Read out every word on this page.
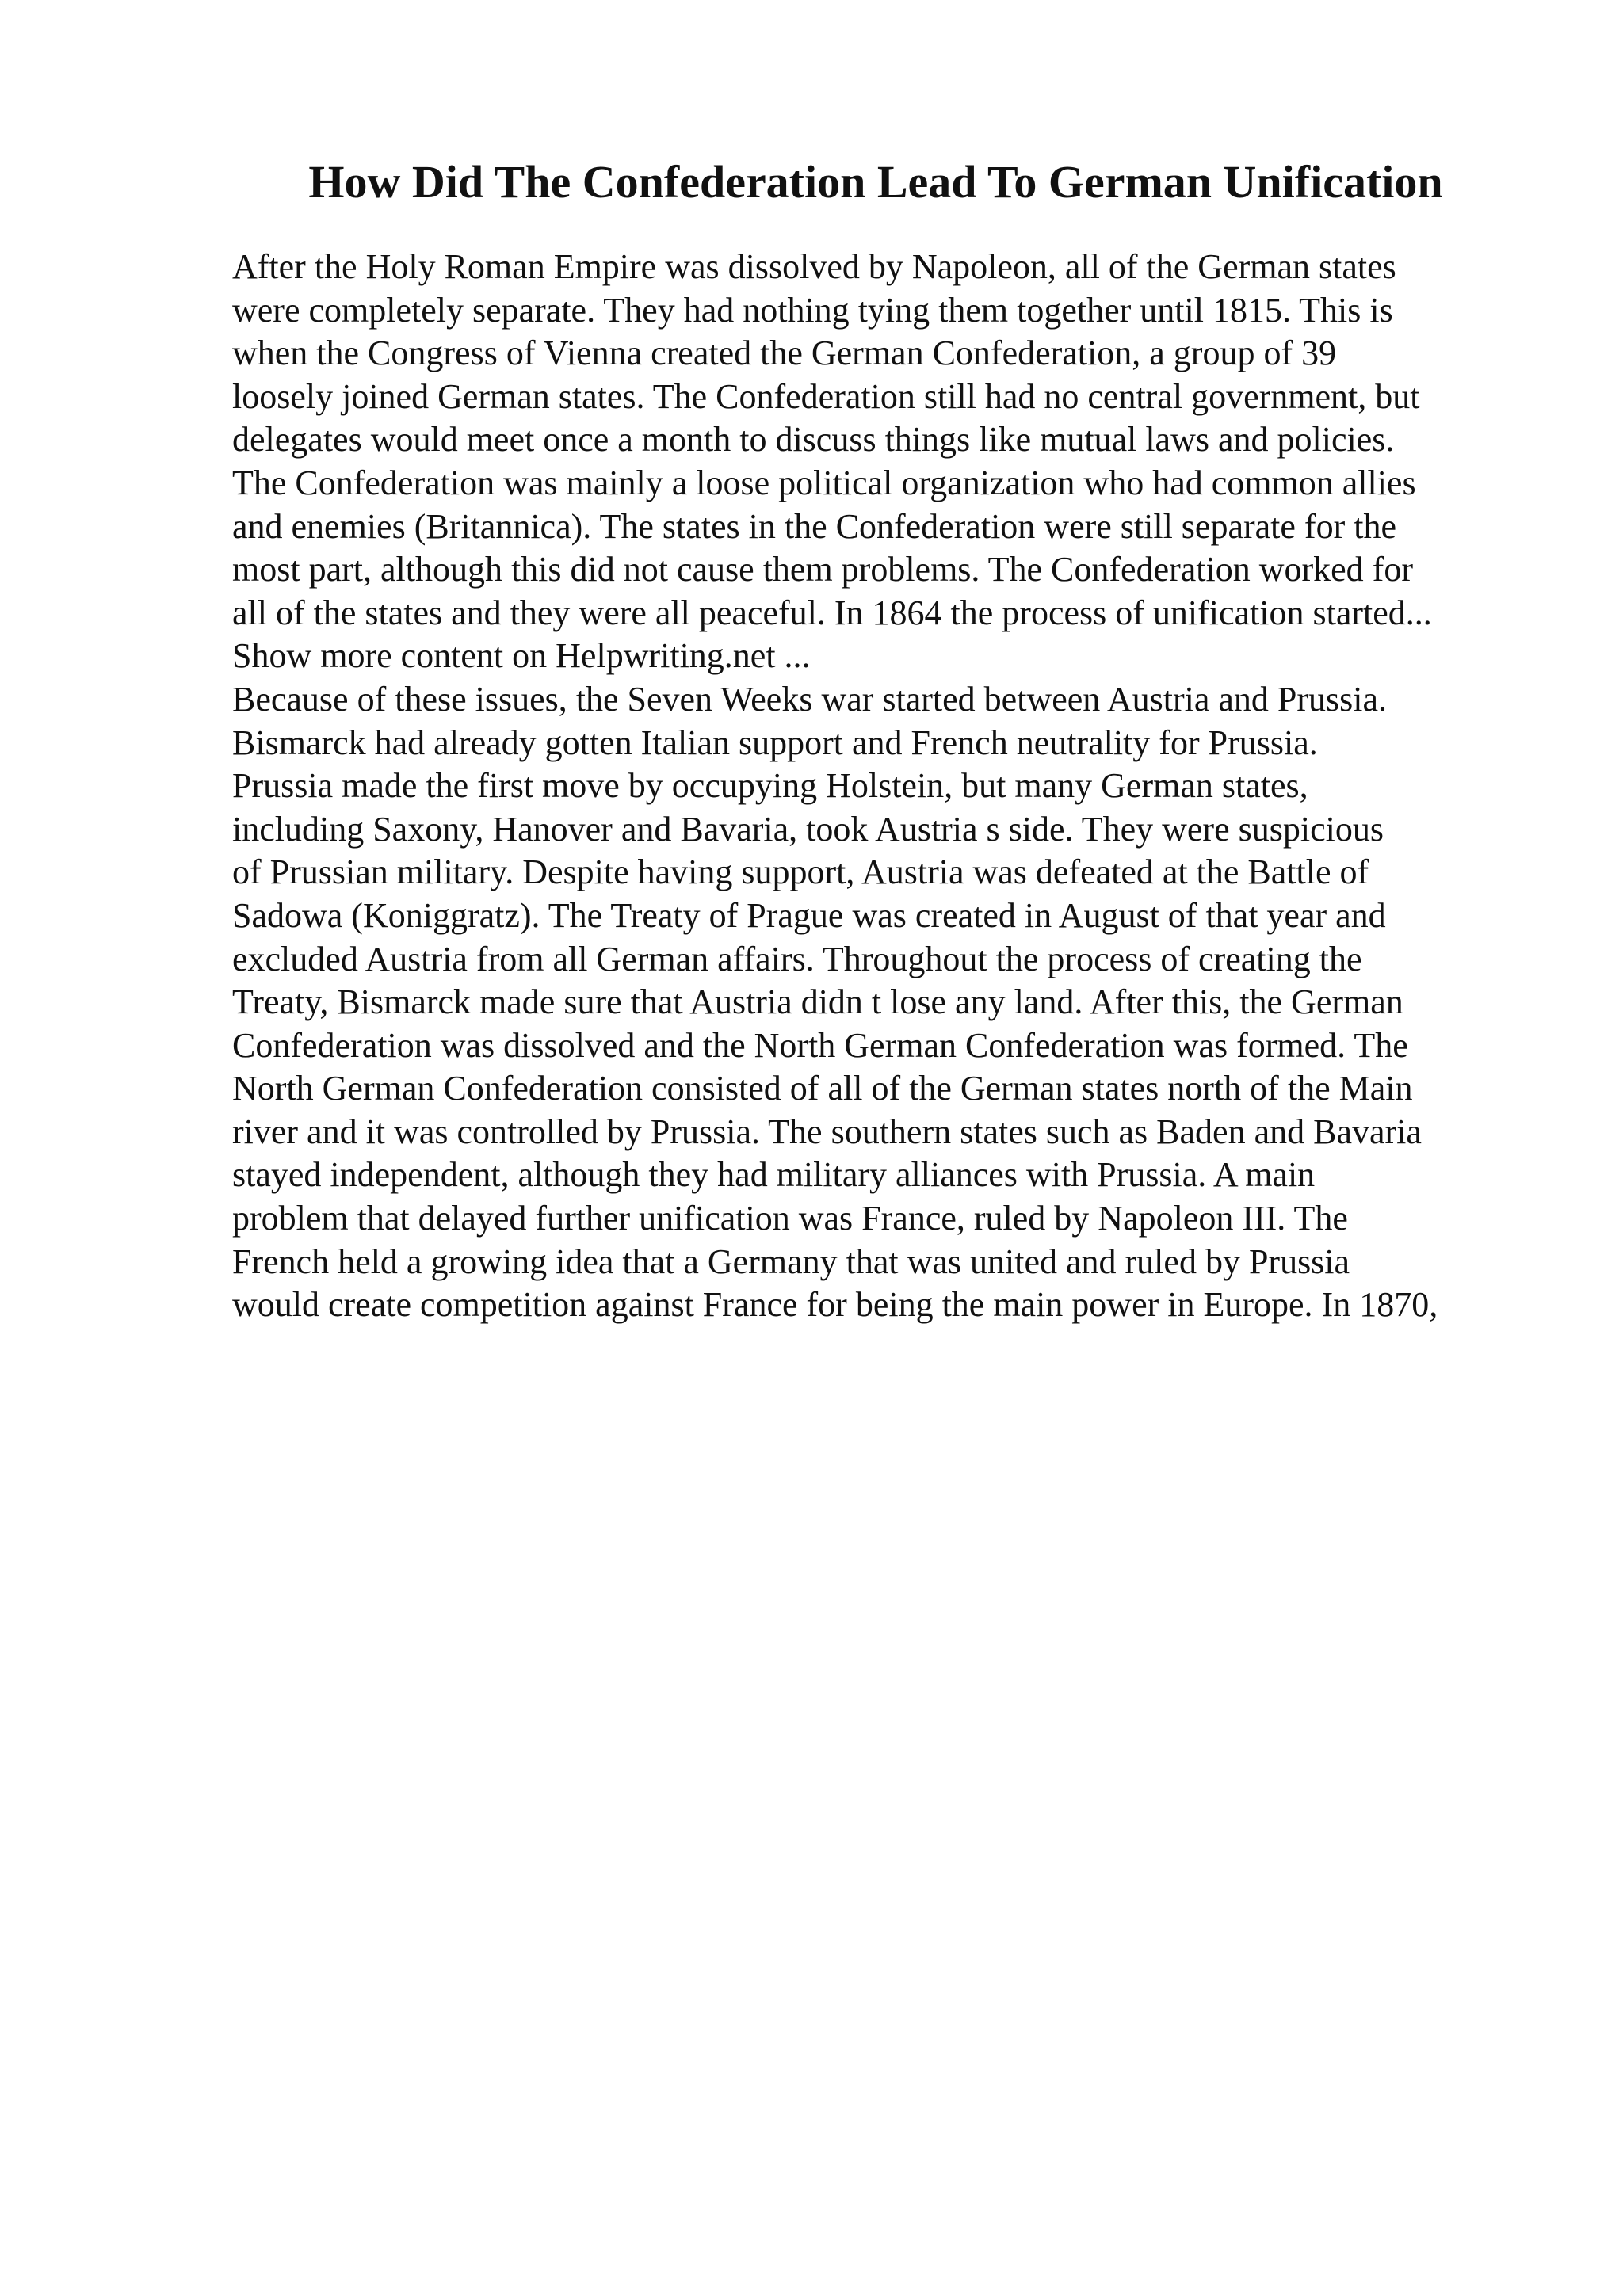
How Did The Confederation Lead To German Unification
After the Holy Roman Empire was dissolved by Napoleon, all of the German states
were completely separate. They had nothing tying them together until 1815. This is
when the Congress of Vienna created the German Confederation, a group of 39
loosely joined German states. The Confederation still had no central government, but
delegates would meet once a month to discuss things like mutual laws and policies.
The Confederation was mainly a loose political organization who had common allies
and enemies (Britannica). The states in the Confederation were still separate for the
most part, although this did not cause them problems. The Confederation worked for
all of the states and they were all peaceful. In 1864 the process of unification started...
Show more content on Helpwriting.net ...
Because of these issues, the Seven Weeks war started between Austria and Prussia.
Bismarck had already gotten Italian support and French neutrality for Prussia.
Prussia made the first move by occupying Holstein, but many German states,
including Saxony, Hanover and Bavaria, took Austria s side. They were suspicious
of Prussian military. Despite having support, Austria was defeated at the Battle of
Sadowa (Koniggratz). The Treaty of Prague was created in August of that year and
excluded Austria from all German affairs. Throughout the process of creating the
Treaty, Bismarck made sure that Austria didn t lose any land. After this, the German
Confederation was dissolved and the North German Confederation was formed. The
North German Confederation consisted of all of the German states north of the Main
river and it was controlled by Prussia. The southern states such as Baden and Bavaria
stayed independent, although they had military alliances with Prussia. A main
problem that delayed further unification was France, ruled by Napoleon III. The
French held a growing idea that a Germany that was united and ruled by Prussia
would create competition against France for being the main power in Europe. In 1870,
